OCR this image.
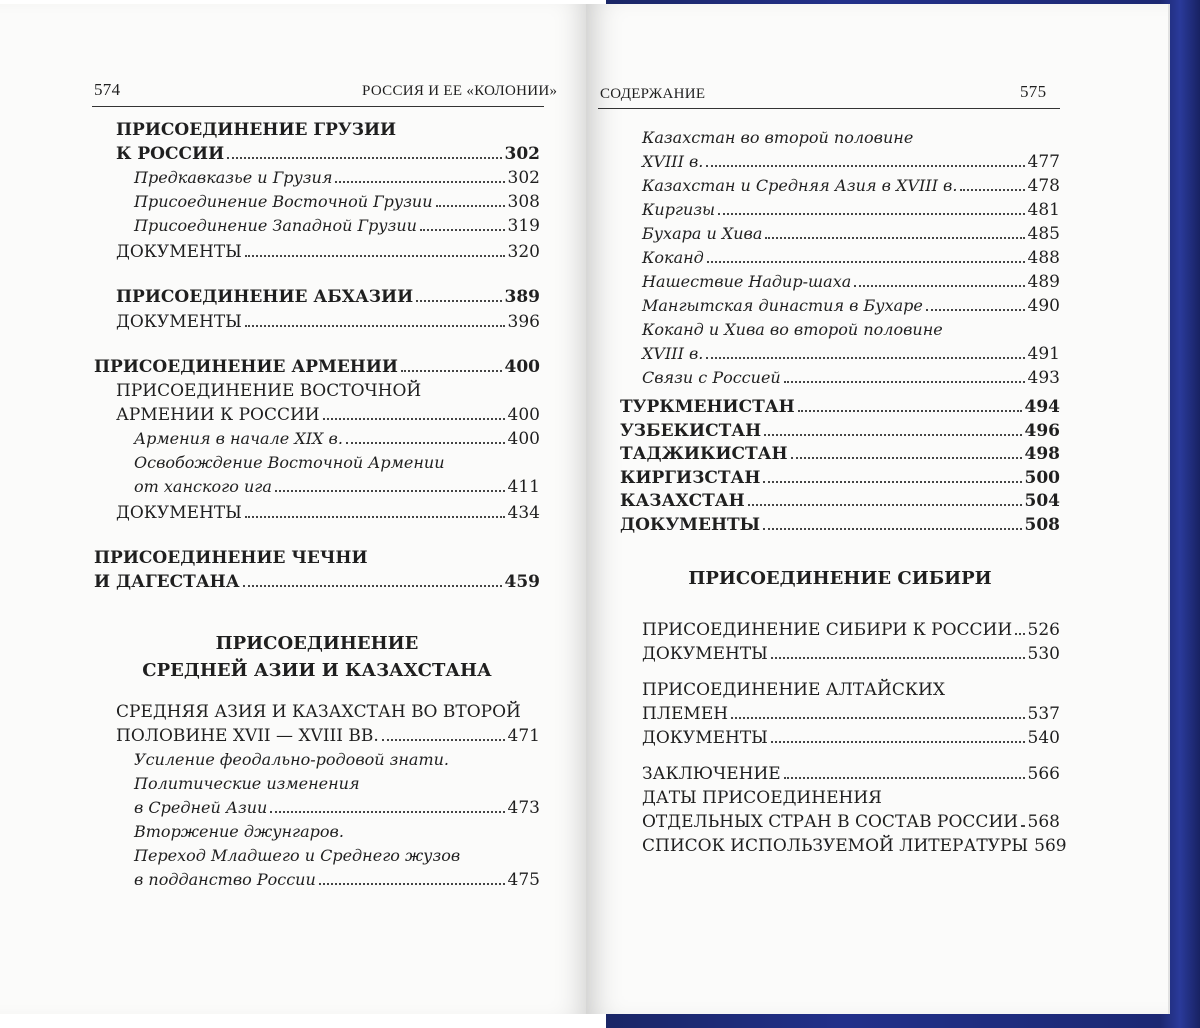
574	РОССИЯ И ЕЕ «КОЛОНИИ»
ПРИСОЕДИНЕНИЕ ГРУЗИИ
К РОССИИ	302
Предкавказье и Грузия	302
Присоединение Восточной Грузии	308
Присоединение Западной Грузии	319
ДОКУМЕНТЫ	320
ПРИСОЕДИНЕНИЕ АБХАЗИИ	389
ДОКУМЕНТЫ	396
ПРИСОЕДИНЕНИЕ АРМЕНИИ	400
ПРИСОЕДИНЕНИЕ ВОСТОЧНОЙ
АРМЕНИИ К РОССИИ	400
Армения в начале XIX в.	400
Освобождение Восточной Армении
от ханского ига	411
ДОКУМЕНТЫ	434
ПРИСОЕДИНЕНИЕ ЧЕЧНИ
И ДАГЕСТАНА	459
ПРИСОЕДИНЕНИЕ
СРЕДНЕЙ АЗИИ И КАЗАХСТАНА
СРЕДНЯЯ АЗИЯ И КАЗАХСТАН ВО ВТОРОЙ
ПОЛОВИНЕ XVII — XVIII ВВ.	471
Усиление феодально-родовой знати.
Политические изменения
в Средней Азии	473
Вторжение джунгаров.
Переход Младшего и Среднего жузов
в подданство России	475
СОДЕРЖАНИЕ	575
Казахстан во второй половине
XVIII в.	477
Казахстан и Средняя Азия в XVIII в.	478
Киргизы	481
Бухара и Хива	485
Коканд	488
Нашествие Надир-шаха	489
Мангытская династия в Бухаре	490
Коканд и Хива во второй половине
XVIII в.	491
Связи с Россией	493
ТУРКМЕНИСТАН	494
УЗБЕКИСТАН	496
ТАДЖИКИСТАН	498
КИРГИЗСТАН	500
КАЗАХСТАН	504
ДОКУМЕНТЫ	508
ПРИСОЕДИНЕНИЕ СИБИРИ
ПРИСОЕДИНЕНИЕ СИБИРИ К РОССИИ 526
ДОКУМЕНТЫ	530
ПРИСОЕДИНЕНИЕ АЛТАЙСКИХ
ПЛЕМЕН	537
ДОКУМЕНТЫ	540
ЗАКЛЮЧЕНИЕ	566
ДАТЫ ПРИСОЕДИНЕНИЯ
ОТДЕЛЬНЫХ СТРАН В СОСТАВ РОССИИ 568
СПИСОК ИСПОЛЬЗУЕМОЙ ЛИТЕРАТУРЫ 569
